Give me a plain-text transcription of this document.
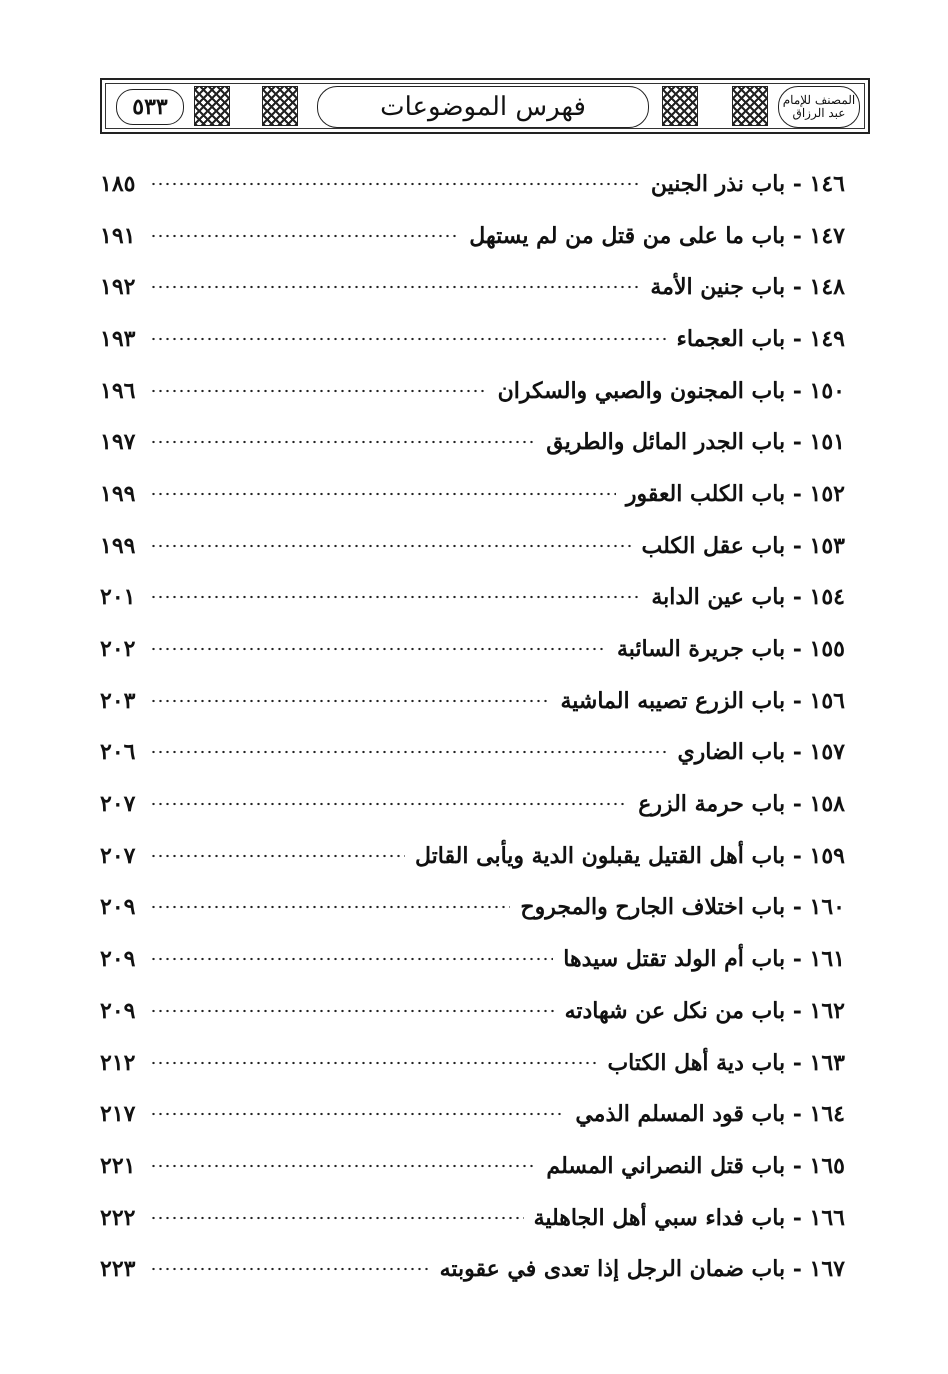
٥٣٣	فهرس الموضوعات	المصنف للإمام عبد الرزاق
١٤٦
-
باب نذر الجنين
١٨٥
١٤٧
-
باب ما على من قتل من لم يستهل
١٩١
١٤٨
-
باب جنين الأمة
١٩٢
١٤٩
-
باب العجماء
١٩٣
١٥٠
-
باب المجنون والصبي والسكران
١٩٦
١٥١
-
باب الجدر المائل والطريق
١٩٧
١٥٢
-
باب الكلب العقور
١٩٩
١٥٣
-
باب عقل الكلب
١٩٩
١٥٤
-
باب عين الدابة
٢٠١
١٥٥
-
باب جريرة السائبة
٢٠٢
١٥٦
-
باب الزرع تصيبه الماشية
٢٠٣
١٥٧
-
باب الضاري
٢٠٦
١٥٨
-
باب حرمة الزرع
٢٠٧
١٥٩
-
باب أهل القتيل يقبلون الدية ويأبى القاتل
٢٠٧
١٦٠
-
باب اختلاف الجارح والمجروح
٢٠٩
١٦١
-
باب أم الولد تقتل سيدها
٢٠٩
١٦٢
-
باب من نكل عن شهادته
٢٠٩
١٦٣
-
باب دية أهل الكتاب
٢١٢
١٦٤
-
باب قود المسلم الذمي
٢١٧
١٦٥
-
باب قتل النصراني المسلم
٢٢١
١٦٦
-
باب فداء سبي أهل الجاهلية
٢٢٢
١٦٧
-
باب ضمان الرجل إذا تعدى في عقوبته
٢٢٣
